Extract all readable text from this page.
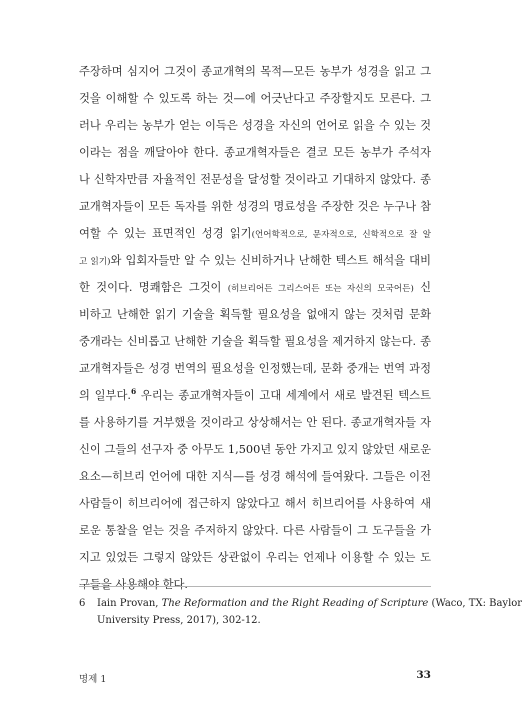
주장하며 심지어 그것이 종교개혁의 목적—모든 농부가 성경을 읽고 그
것을 이해할 수 있도록 하는 것—에 어긋난다고 주장할지도 모른다. 그
러나 우리는 농부가 얻는 이득은 성경을 자신의 언어로 읽을 수 있는 것
이라는 점을 깨달아야 한다. 종교개혁자들은 결코 모든 농부가 주석자
나 신학자만큼 자율적인 전문성을 달성할 것이라고 기대하지 않았다. 종
교개혁자들이 모든 독자를 위한 성경의 명료성을 주장한 것은 누구나 참
여할 수 있는 표면적인 성경 읽기(언어학적으로, 문자적으로, 신학적으로 잘 알
고 읽기)와 입회자들만 알 수 있는 신비하거나 난해한 텍스트 해석을 대비
한 것이다. 명쾌함은 그것이 (히브리어든 그리스어든 또는 자신의 모국어든) 신
비하고 난해한 읽기 기술을 획득할 필요성을 없애지 않는 것처럼 문화
중개라는 신비롭고 난해한 기술을 획득할 필요성을 제거하지 않는다. 종
교개혁자들은 성경 번역의 필요성을 인정했는데, 문화 중개는 번역 과정
의 일부다.$^6$ 우리는 종교개혁자들이 고대 세계에서 새로 발견된 텍스트
를 사용하기를 거부했을 것이라고 상상해서는 안 된다. 종교개혁자들 자
신이 그들의 선구자 중 아무도 1,500년 동안 가지고 있지 않았던 새로운
요소—히브리 언어에 대한 지식—를 성경 해석에 들여왔다. 그들은 이전
사람들이 히브리어에 접근하지 않았다고 해서 히브리어를 사용하여 새
로운 통찰을 얻는 것을 주저하지 않았다. 다른 사람들이 그 도구들을 가
지고 있었든 그렇지 않았든 상관없이 우리는 언제나 이용할 수 있는 도
구들을 사용해야 한다.
6 Iain Provan, The Reformation and the Right Reading of Scripture (Waco, TX: Baylor
University Press, 2017), 302-12.
명제 1	33
